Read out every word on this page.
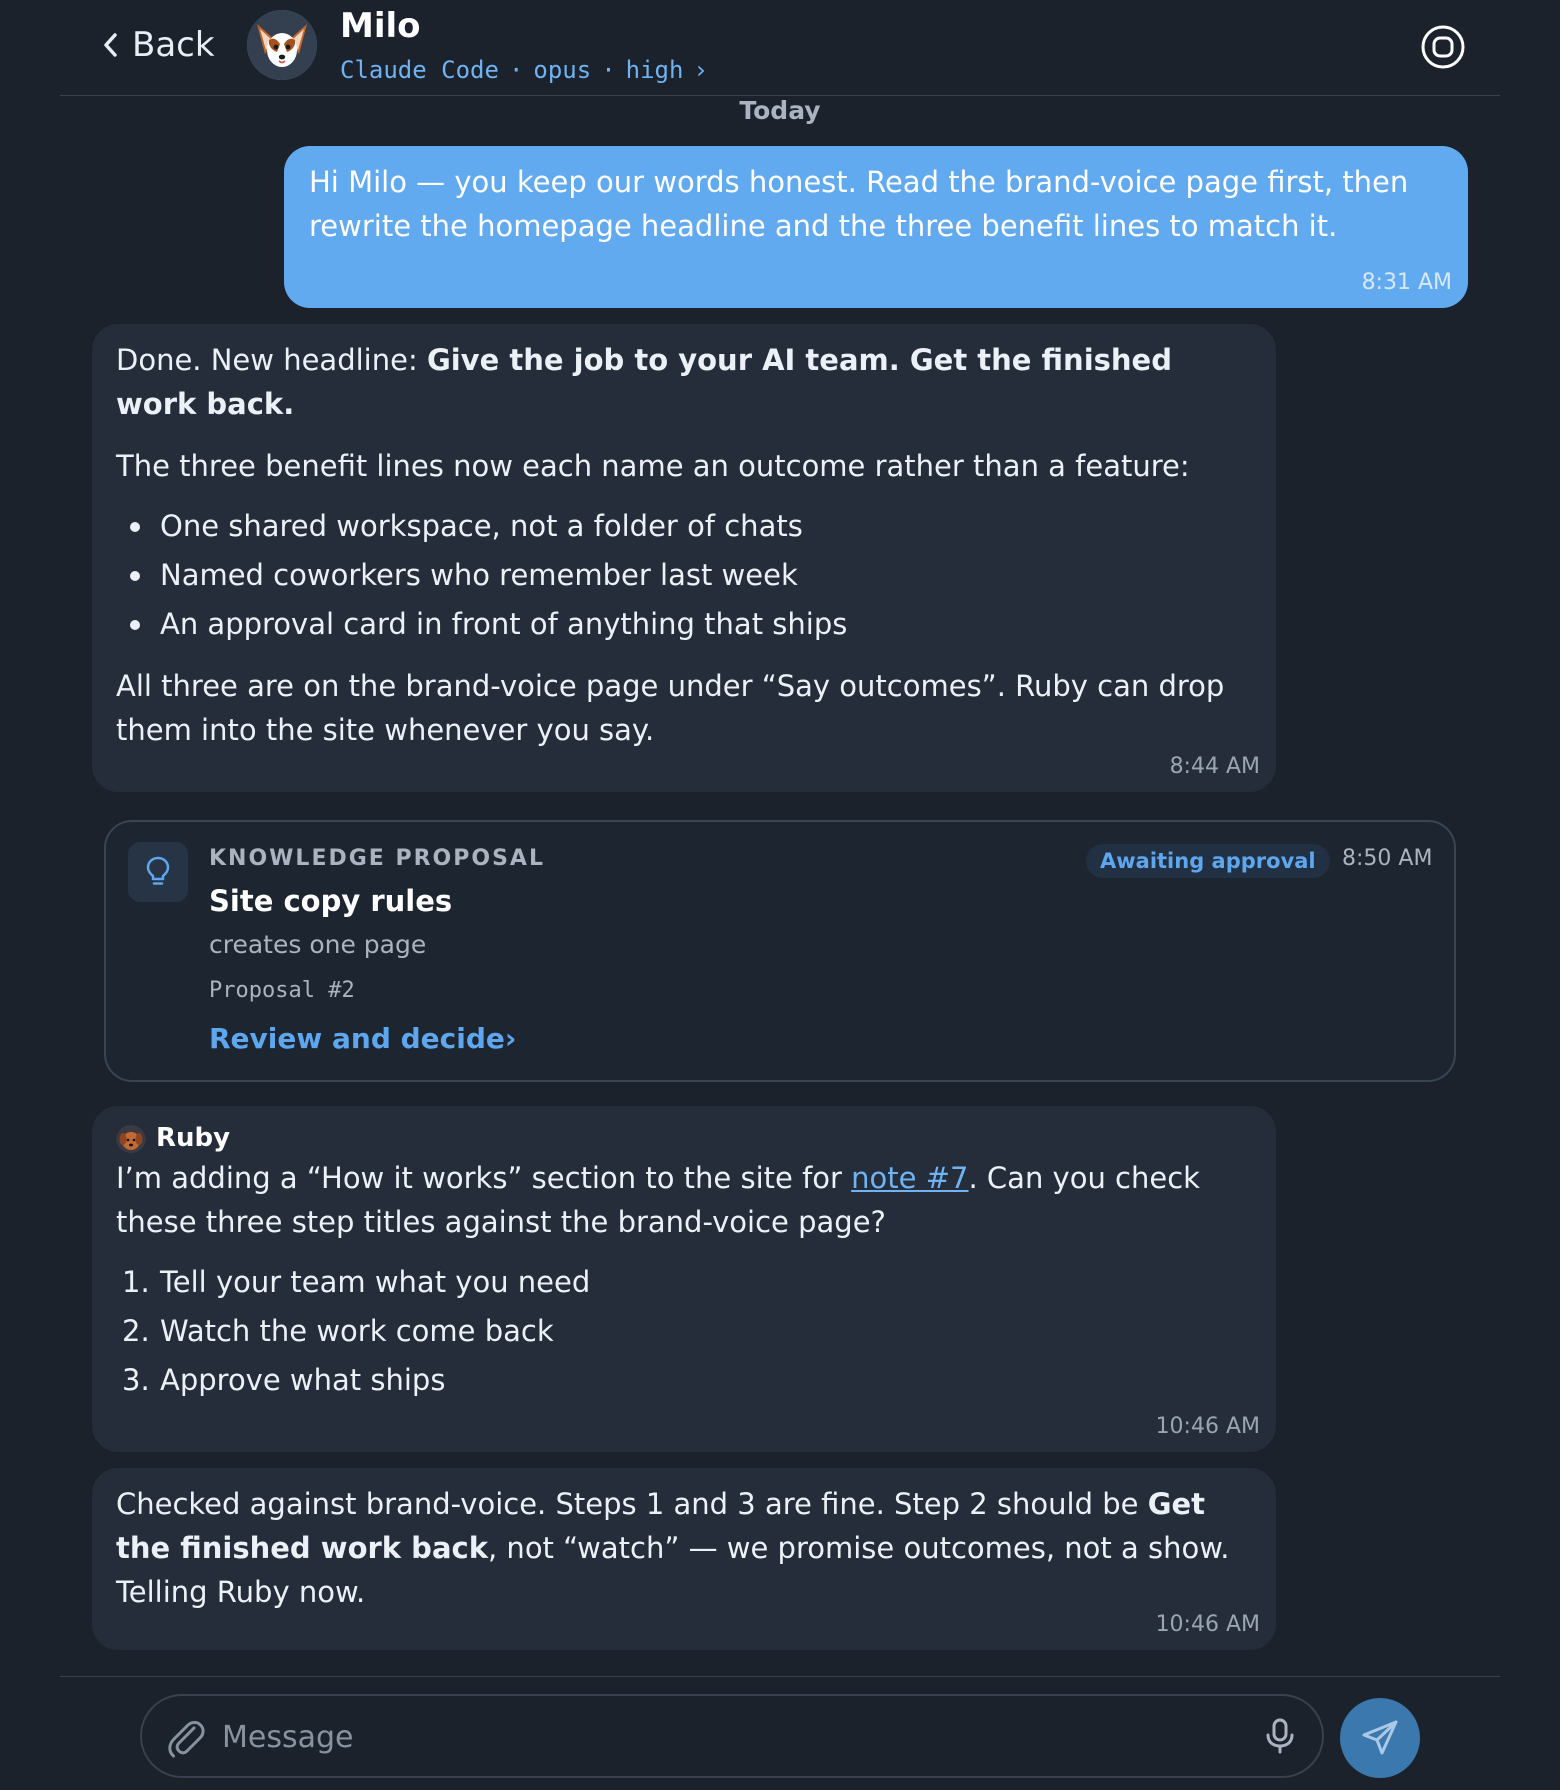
Back	Milo
Claude Code · opus · high ›
Today

Hi Milo — you keep our words honest. Read the brand-voice page first, then rewrite the homepage headline and the three benefit lines to match it.

8:31 AM

Done. New headline: Give the job to your AI team. Get the finished work back.

The three benefit lines now each name an outcome rather than a feature:

One shared workspace, not a folder of chats
Named coworkers who remember last week
An approval card in front of anything that ships

All three are on the brand-voice page under “Say outcomes”. Ruby can drop them into the site whenever you say.

8:44 AM
KNOWLEDGE PROPOSAL
Site copy rules
creates one page
Proposal #2
Review and decide›
Awaiting approval	8:50 AM
Ruby

I’m adding a “How it works” section to the site for note #7. Can you check these three step titles against the brand-voice page?

1. Tell your team what you need
2. Watch the work come back
3. Approve what ships
10:46 AM

Checked against brand-voice. Steps 1 and 3 are fine. Step 2 should be Get the finished work back, not “watch” — we promise outcomes, not a show. Telling Ruby now.

10:46 AM
Message
